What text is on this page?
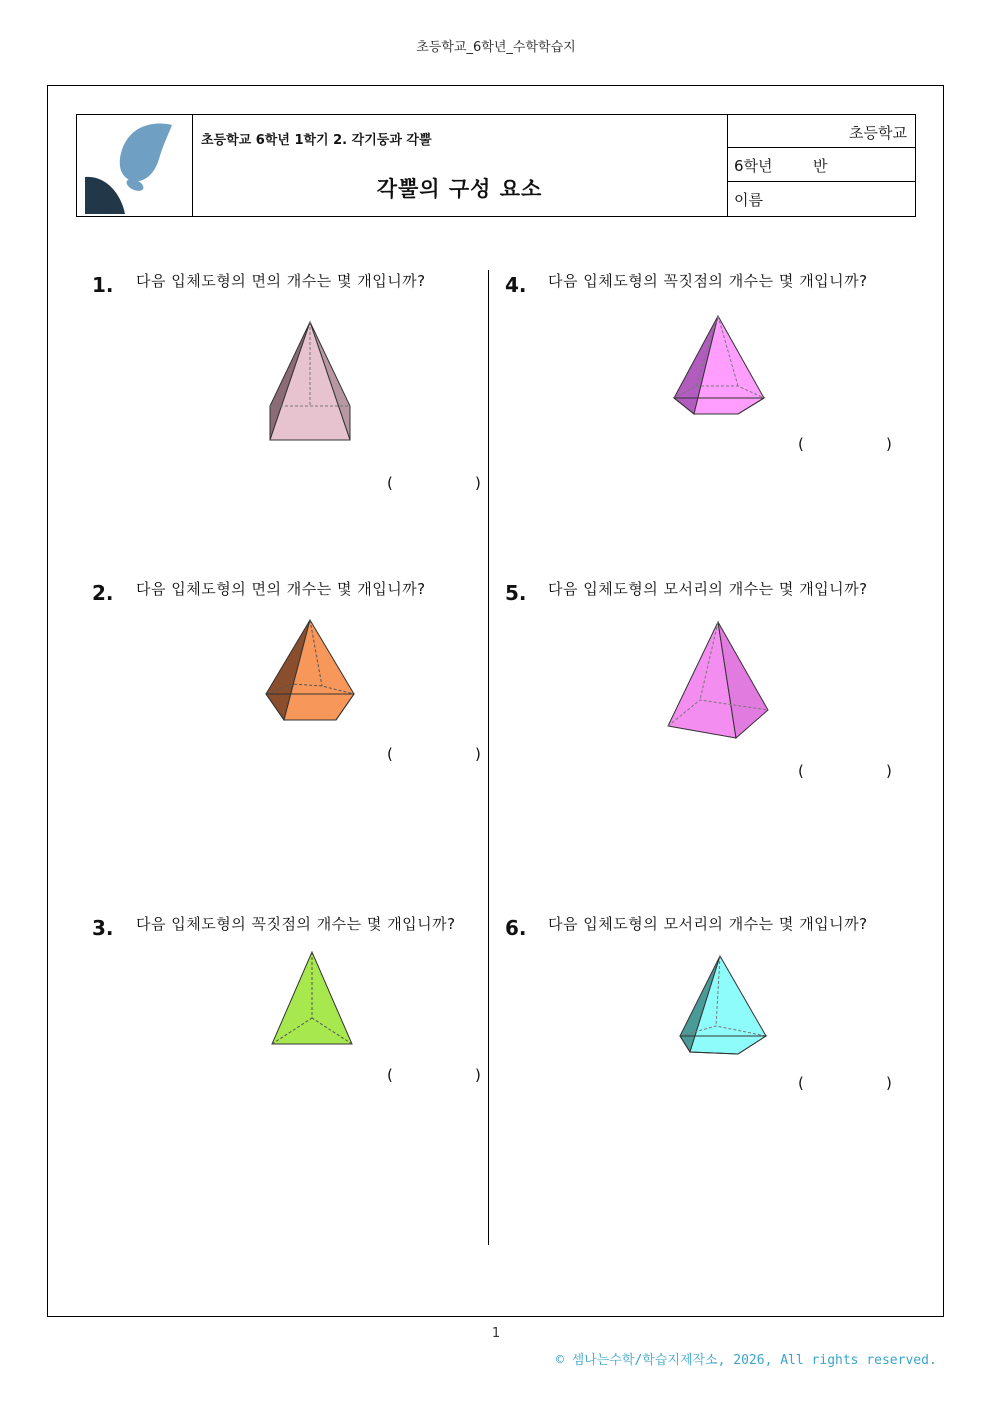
초등학교_6학년_수학학습지
초등학교 6학년 1학기 2. 각기둥과 각뿔
각뿔의 구성 요소
초등학교
6학년	반
이름
1. 다음 입체도형의 면의 개수는 몇 개입니까?
(	)
2. 다음 입체도형의 면의 개수는 몇 개입니까?
(	)
3. 다음 입체도형의 꼭짓점의 개수는 몇 개입니까?
(	)
4. 다음 입체도형의 꼭짓점의 개수는 몇 개입니까?
(	)
5. 다음 입체도형의 모서리의 개수는 몇 개입니까?
(	)
6. 다음 입체도형의 모서리의 개수는 몇 개입니까?
(	)
1
© 셈나는수학/학습지제작소, 2026, All rights reserved.
